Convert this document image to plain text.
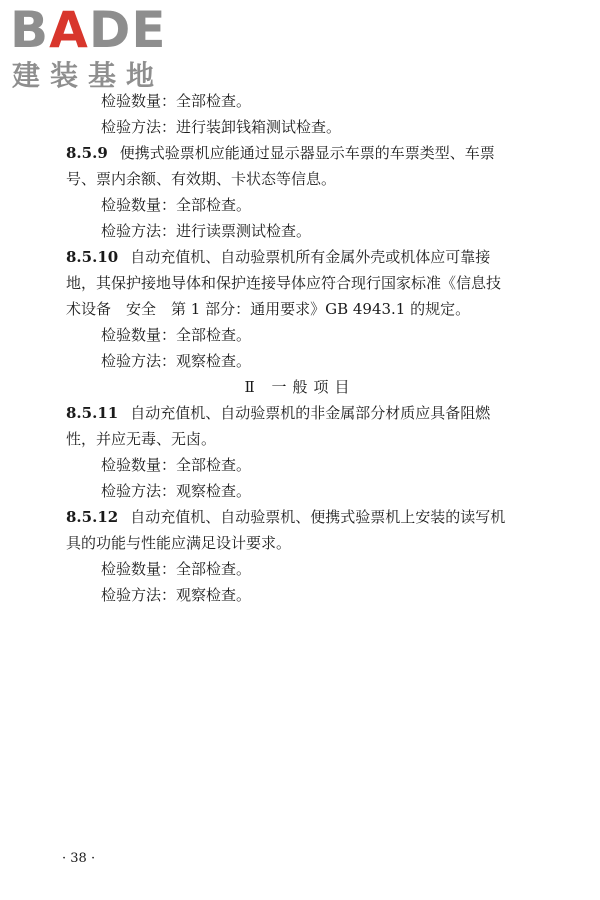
BADE
建装基地
检验数量：全部检查。
检验方法：进行装卸钱箱测试检查。
8.5.9 便携式验票机应能通过显示器显示车票的车票类型、车票
号、票内余额、有效期、卡状态等信息。
检验数量：全部检查。
检验方法：进行读票测试检查。
8.5.10 自动充值机、自动验票机所有金属外壳或机体应可靠接
地，其保护接地导体和保护连接导体应符合现行国家标准《信息技
术设备　安全　第 1 部分：通用要求》GB 4943.1 的规定。
检验数量：全部检查。
检验方法：观察检查。
Ⅱ 一般项目
8.5.11 自动充值机、自动验票机的非金属部分材质应具备阻燃
性，并应无毒、无卤。
检验数量：全部检查。
检验方法：观察检查。
8.5.12 自动充值机、自动验票机、便携式验票机上安装的读写机
具的功能与性能应满足设计要求。
检验数量：全部检查。
检验方法：观察检查。
· 38 ·
